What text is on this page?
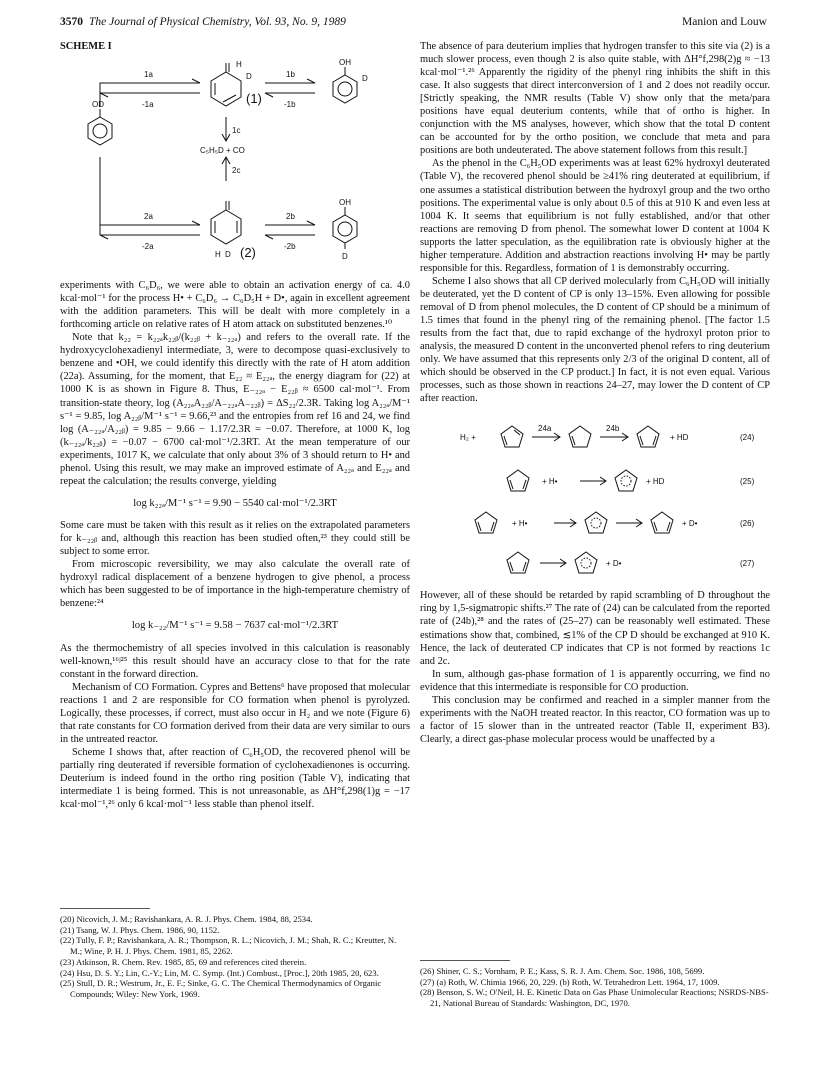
3570 The Journal of Physical Chemistry, Vol. 93, No. 9, 1989	Manion and Louw
SCHEME I
1a
-1a
1b
-1b
1c
C₅H₅D + CO
2c
2a
-2a
2b
-2b
H
D
OH
D
OD
OH
D
H D
(1)
(2)

experiments with C₆D₆, we were able to obtain an activation energy of ca. 4.0 kcal·mol⁻¹ for the process H• + C₆D₆ → C₆D₅H + D•, again in excellent agreement with the addition parameters. This will be dealt with more completely in a forthcoming article on relative rates of H atom attack on substituted benzenes.¹⁰

Note that k₂₂ = k₂₂ₐk₂₂ᵦ/(k₂₂ᵦ + k₋₂₂ₐ) and refers to the overall rate. If the hydroxycyclohexadienyl intermediate, 3, were to decompose quasi-exclusively to benzene and •OH, we could identify this directly with the rate of H atom addition (22a). Assuming, for the moment, that E₂₂ ≈ E₂₂ₐ, the energy diagram for (22) at 1000 K is as shown in Figure 8. Thus, E₋₂₂ₐ − E₂₂ᵦ ≈ 6500 cal·mol⁻¹. From transition-state theory, log (A₂₂ₐA₂₂ᵦ/A₋₂₂ₐA₋₂₂ᵦ) = ΔS₂₂/2.3R. Taking log A₂₂ₐ/M⁻¹ s⁻¹ = 9.85, log A₂₂ᵦ/M⁻¹ s⁻¹ = 9.66,²³ and the entropies from ref 16 and 24, we find log (A₋₂₂ₐ/A₂₂ᵦ) = 9.85 − 9.66 − 1.17/2.3R = −0.07. Therefore, at 1000 K, log (k₋₂₂ₐ/k₂₂ᵦ) = −0.07 − 6700 cal·mol⁻¹/2.3RT. At the mean temperature of our experiments, 1017 K, we calculate that only about 3% of 3 should return to H• and phenol. Using this result, we may make an improved estimate of A₂₂ₐ and E₂₂ₐ and repeat the calculation; the results converge, yielding

log k₂₂ₐ/M⁻¹ s⁻¹ = 9.90 − 5540 cal·mol⁻¹/2.3RT

Some care must be taken with this result as it relies on the extrapolated parameters for k₋₂₂ᵦ and, although this reaction has been studied often,²³ they could still be subject to some error.

From microscopic reversibility, we may also calculate the overall rate of hydroxyl radical displacement of a benzene hydrogen to give phenol, a process which has been suggested to be of importance in the high-temperature chemistry of benzene:²⁴

log k₋₂₂/M⁻¹ s⁻¹ = 9.58 − 7637 cal·mol⁻¹/2.3RT

As the thermochemistry of all species involved in this calculation is reasonably well-known,¹⁶ʲ²⁵ this result should have an accuracy close to that for the rate constant in the forward direction.

Mechanism of CO Formation. Cypres and Bettens⁶ have proposed that molecular reactions 1 and 2 are responsible for CO formation when phenol is pyrolyzed. Logically, these processes, if correct, must also occur in H₂ and we note (Figure 6) that rate constants for CO formation derived from their data are very similar to ours in the untreated reactor.

Scheme I shows that, after reaction of C₆H₅OD, the recovered phenol will be partially ring deuterated if reversible formation of cyclohexadienones is occurring. Deuterium is indeed found in the ortho ring position (Table V), indicating that intermediate 1 is being formed. This is not unreasonable, as ΔH°f,298(1)g = −17 kcal·mol⁻¹,²⁶ only 6 kcal·mol⁻¹ less stable than phenol itself.

(20) Nicovich, J. M.; Ravishankara, A. R. J. Phys. Chem. 1984, 88, 2534.
(21) Tsang, W. J. Phys. Chem. 1986, 90, 1152.
(22) Tully, F. P.; Ravishankara, A. R.; Thompson, R. L.; Nicovich, J. M.; Shah, R. C.; Kreutter, N. M.; Wine, P. H. J. Phys. Chem. 1981, 85, 2262.
(23) Atkinson, R. Chem. Rev. 1985, 85, 69 and references cited therein.
(24) Hsu, D. S. Y.; Lin, C.-Y.; Lin, M. C. Symp. (Int.) Combust., [Proc.], 20th 1985, 20, 623.
(25) Stull, D. R.; Westrum, Jr., E. F.; Sinke, G. C. The Chemical Thermodynamics of Organic Compounds; Wiley: New York, 1969.

The absence of para deuterium implies that hydrogen transfer to this site via (2) is a much slower process, even though 2 is also quite stable, with ΔH°f,298(2)g ≈ −13 kcal·mol⁻¹.²⁶ Apparently the rigidity of the phenyl ring inhibits the shift in this case. It also suggests that direct interconversion of 1 and 2 does not readily occur. [Strictly speaking, the NMR results (Table V) show only that the meta/para positions have equal deuterium contents, while that of ortho is higher. In conjunction with the MS analyses, however, which show that the total D content can be accounted for by the ortho position, we conclude that meta and para positions are both undeuterated. The above statement follows from this result.]

As the phenol in the C₆H₅OD experiments was at least 62% hydroxyl deuterated (Table V), the recovered phenol should be ≥41% ring deuterated at equilibrium, if one assumes a statistical distribution between the hydroxyl group and the two ortho positions. The experimental value is only about 0.5 of this at 910 K and even less at 1004 K. It seems that equilibrium is not fully established, and/or that other reactions are removing D from phenol. The somewhat lower D content at 1004 K supports the latter speculation, as the equilibration rate is obviously higher at the higher temperature. Addition and abstraction reactions involving H• may be partly responsible for this. Regardless, formation of 1 is demonstrably occurring.

Scheme I also shows that all CP derived molecularly from C₆H₅OD will initially be deuterated, yet the D content of CP is only 13–15%. Even allowing for possible removal of D from phenol molecules, the D content of CP should be a minimum of 1.5 times that found in the phenyl ring of the remaining phenol. [The factor 1.5 results from the fact that, due to rapid exchange of the hydroxyl proton prior to analysis, the measured D content in the unconverted phenol refers to ring deuterium only. We have assumed that this represents only 2/3 of the original D content, all of which should be observed in the CP product.] In fact, it is not even equal. Various processes, such as those shown in reactions 24–27, may lower the D content of CP after reaction.

H₂ +
24a	24b
+ HD	(24)
+ H•	+ HD	(25)
+ H•	+ D•	(26)
+ D•	(27)

However, all of these should be retarded by rapid scrambling of D throughout the ring by 1,5-sigmatropic shifts.²⁷ The rate of (24) can be calculated from the reported rate of (24b),²⁸ and the rates of (25–27) can be reasonably well estimated. These estimations show that, combined, ≲1% of the CP D should be exchanged at 910 K. Hence, the lack of deuterated CP indicates that CP is not formed by reactions 1c and 2c.

In sum, although gas-phase formation of 1 is apparently occurring, we find no evidence that this intermediate is responsible for CO production.

This conclusion may be confirmed and reached in a simpler manner from the experiments with the NaOH treated reactor. In this reactor, CO formation was up to a factor of 15 slower than in the untreated reactor (Table II, experiment B3). Clearly, a direct gas-phase molecular process would be unaffected by a

(26) Shiner, C. S.; Vornham, P. E.; Kass, S. R. J. Am. Chem. Soc. 1986, 108, 5699.
(27) (a) Roth, W. Chimia 1966, 20, 229. (b) Roth, W. Tetrahedron Lett. 1964, 17, 1009.
(28) Benson, S. W.; O'Neil, H. E. Kinetic Data on Gas Phase Unimolecular Reactions; NSRDS-NBS-21, National Bureau of Standards: Washington, DC, 1970.
